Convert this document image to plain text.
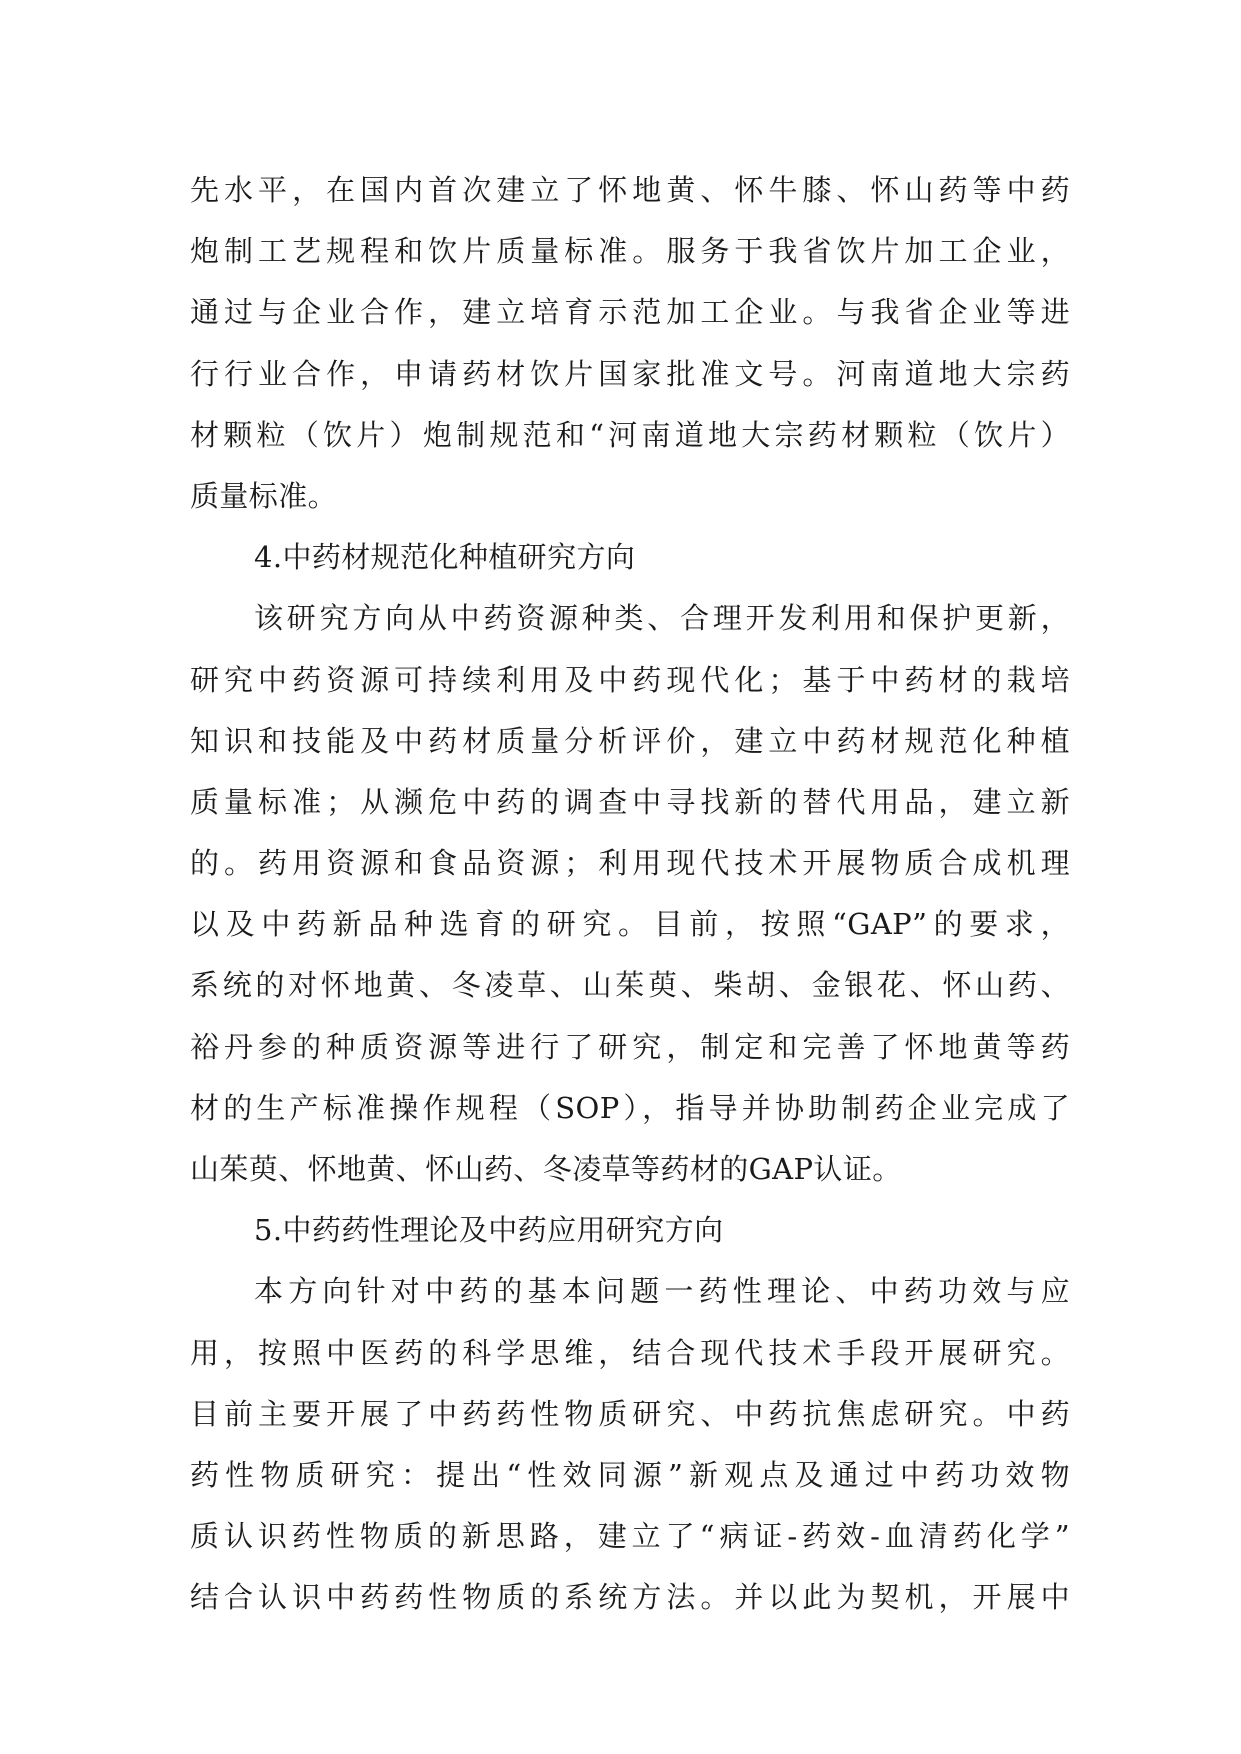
先水平，在国内首次建立了怀地黄、怀牛膝、怀山药等中药
炮制工艺规程和饮片质量标准。服务于我省饮片加工企业，
通过与企业合作，建立培育示范加工企业。与我省企业等进
行行业合作，申请药材饮片国家批准文号。河南道地大宗药
材颗粒（饮片）炮制规范和“河南道地大宗药材颗粒（饮片）
质量标准。
4.中药材规范化种植研究方向
该研究方向从中药资源种类、合理开发利用和保护更新，
研究中药资源可持续利用及中药现代化；基于中药材的栽培
知识和技能及中药材质量分析评价，建立中药材规范化种植
质量标准；从濒危中药的调查中寻找新的替代用品，建立新
的。药用资源和食品资源；利用现代技术开展物质合成机理
以及中药新品种选育的研究。目前，按照“GAP”的要求，
系统的对怀地黄、冬凌草、山茱萸、柴胡、金银花、怀山药、
裕丹参的种质资源等进行了研究，制定和完善了怀地黄等药
材的生产标准操作规程（SOP），指导并协助制药企业完成了
山茱萸、怀地黄、怀山药、冬凌草等药材的GAP认证。
5.中药药性理论及中药应用研究方向
本方向针对中药的基本问题一药性理论、中药功效与应
用，按照中医药的科学思维，结合现代技术手段开展研究。
目前主要开展了中药药性物质研究、中药抗焦虑研究。中药
药性物质研究：提出“性效同源”新观点及通过中药功效物
质认识药性物质的新思路，建立了“病证-药效-血清药化学”
结合认识中药药性物质的系统方法。并以此为契机，开展中
